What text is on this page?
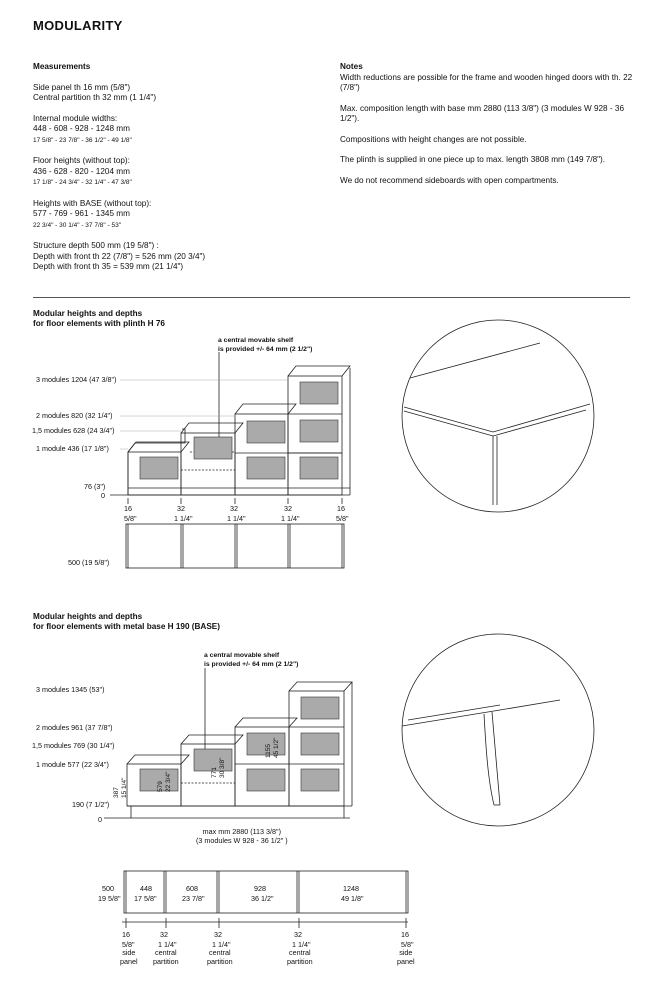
MODULARITY
Measurements

Side panel th 16 mm (5/8")
Central partition th 32 mm (1 1/4")

Internal module widths:
448 - 608 - 928 - 1248 mm
17 5/8" - 23 7/8" - 36 1/2" - 49 1/8"

Floor heights (without top):
436 - 628 - 820 - 1204 mm
17 1/8" - 24 3/4" - 32 1/4" - 47 3/8"

Heights with BASE (without top):
577 - 769 - 961 - 1345 mm
22 3/4" - 30 1/4" - 37 7/8" - 53"

Structure depth 500 mm (19 5/8") :
Depth with front th 22 (7/8") = 526 mm (20 3/4")
Depth with front th 35 = 539 mm (21 1/4")

Notes

Width reductions are possible for the frame and wooden hinged doors with th. 22 (7/8")

Max. composition length with base mm 2880 (113 3/8") (3 modules W 928 - 36 1/2").

Compositions with height changes are not possible.

The plinth is supplied in one piece up to max. length 3808 mm (149 7/8").

We do not recommend sideboards with open compartments.

Modular heights and depths
for floor elements with plinth H 76
a central movable shelf
is provided +/- 64 mm (2 1/2")
3 modules 1204 (47 3/8")
2 modules 820 (32 1/4")
1,5 modules 628 (24 3/4")
1 module 436 (17 1/8")
76 (3")
0
16	32	32	32	16
5/8"	1 1/4"	1 1/4"	1 1/4"	5/8"
500 (19 5/8")
Modular heights and depths
for floor elements with metal base H 190 (BASE)
a central movable shelf
is provided +/- 64 mm (2 1/2")
3 modules 1345 (53")
2 modules 961 (37 7/8")
1,5 modules 769 (30 1/4")
1 module 577 (22 3/4")
190 (7 1/2")
0
max mm 2880 (113 3/8")
(3 modules W 928 - 36 1/2" )
500
19 5/8"
448
17 5/8"
608
23 7/8"
928
36 1/2"
1248
49 1/8"
16	32	32	32	16
5/8"	1 1/4"	1 1/4"	1 1/4"	5/8"
side
panel
central
partition
central
partition
central
partition
side
panel
387 15 1/4"	579 22 3/4"	771 30 3/8"
1155 45 1/2"
